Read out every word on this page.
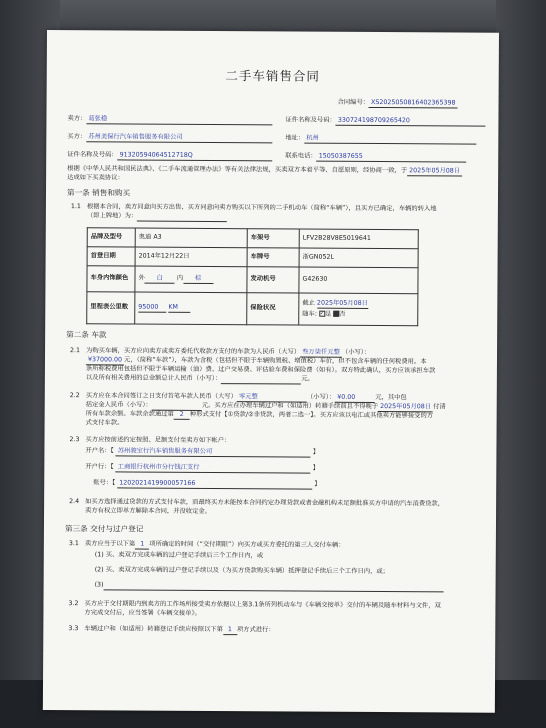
二手车销售合同
合同编号： XS2025050816402365398
卖方： 葛张稳	证件名称及号码： 330724198709265420
买方： 苏州美保行汽车销售服务有限公司	地址： 杭州
证件名称及号码： 91320594064512718Q	联系电话： 15050387655
根据《中华人民共和国民法典》、《二手车流通管理办法》等有关法律法规，买卖双方本着平等、自愿原则，经协商一致，于 2025年05月08日
达成如下买卖协议：
第一条 销售和购买
1.1 根据本合同，卖方同意向买方出售、买方同意向卖方购买以下所列的二手机动车（简称“车辆”），且买方已确定，车辆的转入地
（即上牌地）为：
品牌及型号	奥迪 A3	车架号	LFV2B28V8E5019641
首登日期	2014年12月22日	车牌号	浙GN052L
车身内饰颜色	外 白 内 棕	发动机号	G42630
里程表公里数	95000 KM	保险状况	截止 2025年05月08日
随车: ✓是 否
第二条 车款
2.1 为购买车辆，买方应向卖方或卖方委托代收款方支付的车款为人民币（大写） 叁万柒仟元整 （小写）：
¥37000.00 元，（简称“车款”），车款为含税（包括但不限于车辆购置税、增值税）车价，但不包含车辆的任何税费用。本
条所称税费用包括但不限于车辆运输（油）费、过户交易费、评估验车费和保险费（如有）。双方特此确认，买方应该承担车款
以及所有相关费用的总金额总计人民币（小写）：	元。
2.2 买方应在本合同签订之日支付首笔车款人民币（大写） 零元整	（小写）： ¥0.00	元，其中包
括定金人民币（小写）：	元。买方应在办理车辆过户和（如适用）转籍手续前且不得晚于 2025年05月08日 付清
所有车款余额。车款余款通过第 2 种形式支付【①贷款/②非贷款，两者二选一】。买方应该以电汇或其他卖方能够接受的方
式支付车款。
2.3 买方应按前述约定按照、足额支付至卖方如下帐户：
开户名：【 苏州骏宝行汽车销售服务有限公司	】
开户行：【 工商银行杭州市分行钱江支行	】
账号：【 1202021419900057166	】
2.4 如买方选择通过贷款的方式支付车款，而最终买方未能按本合同约定办理贷款或者金融机构未足额批准买方申请的汽车消费贷款，
卖方有权立即单方解除本合同，并没收定金。
第三条 交付与过户登记
3.1 卖方应当于以下第 1 项所确定的时间（“交付期限”）向买方或买方委托的第三人交付车辆：
(1) 买、卖双方完成车辆的过户登记手续后三个工作日内，或
(2) 买、卖双方完成车辆的过户登记手续以及（为买方贷款购买车辆）抵押登记手续后三个工作日内，或；
(3)
3.2 买方应于交付期限内到卖方的工作场所接受卖方依据以上第3.1条所列机动车与《车辆交接单》交付的车辆及随车材料与文件，双
方完成交付后，应当签署《车辆交接单》。
3.3 车辆过户和（如适用）转籍登记手续应按照以下第 1 项方式进行：
